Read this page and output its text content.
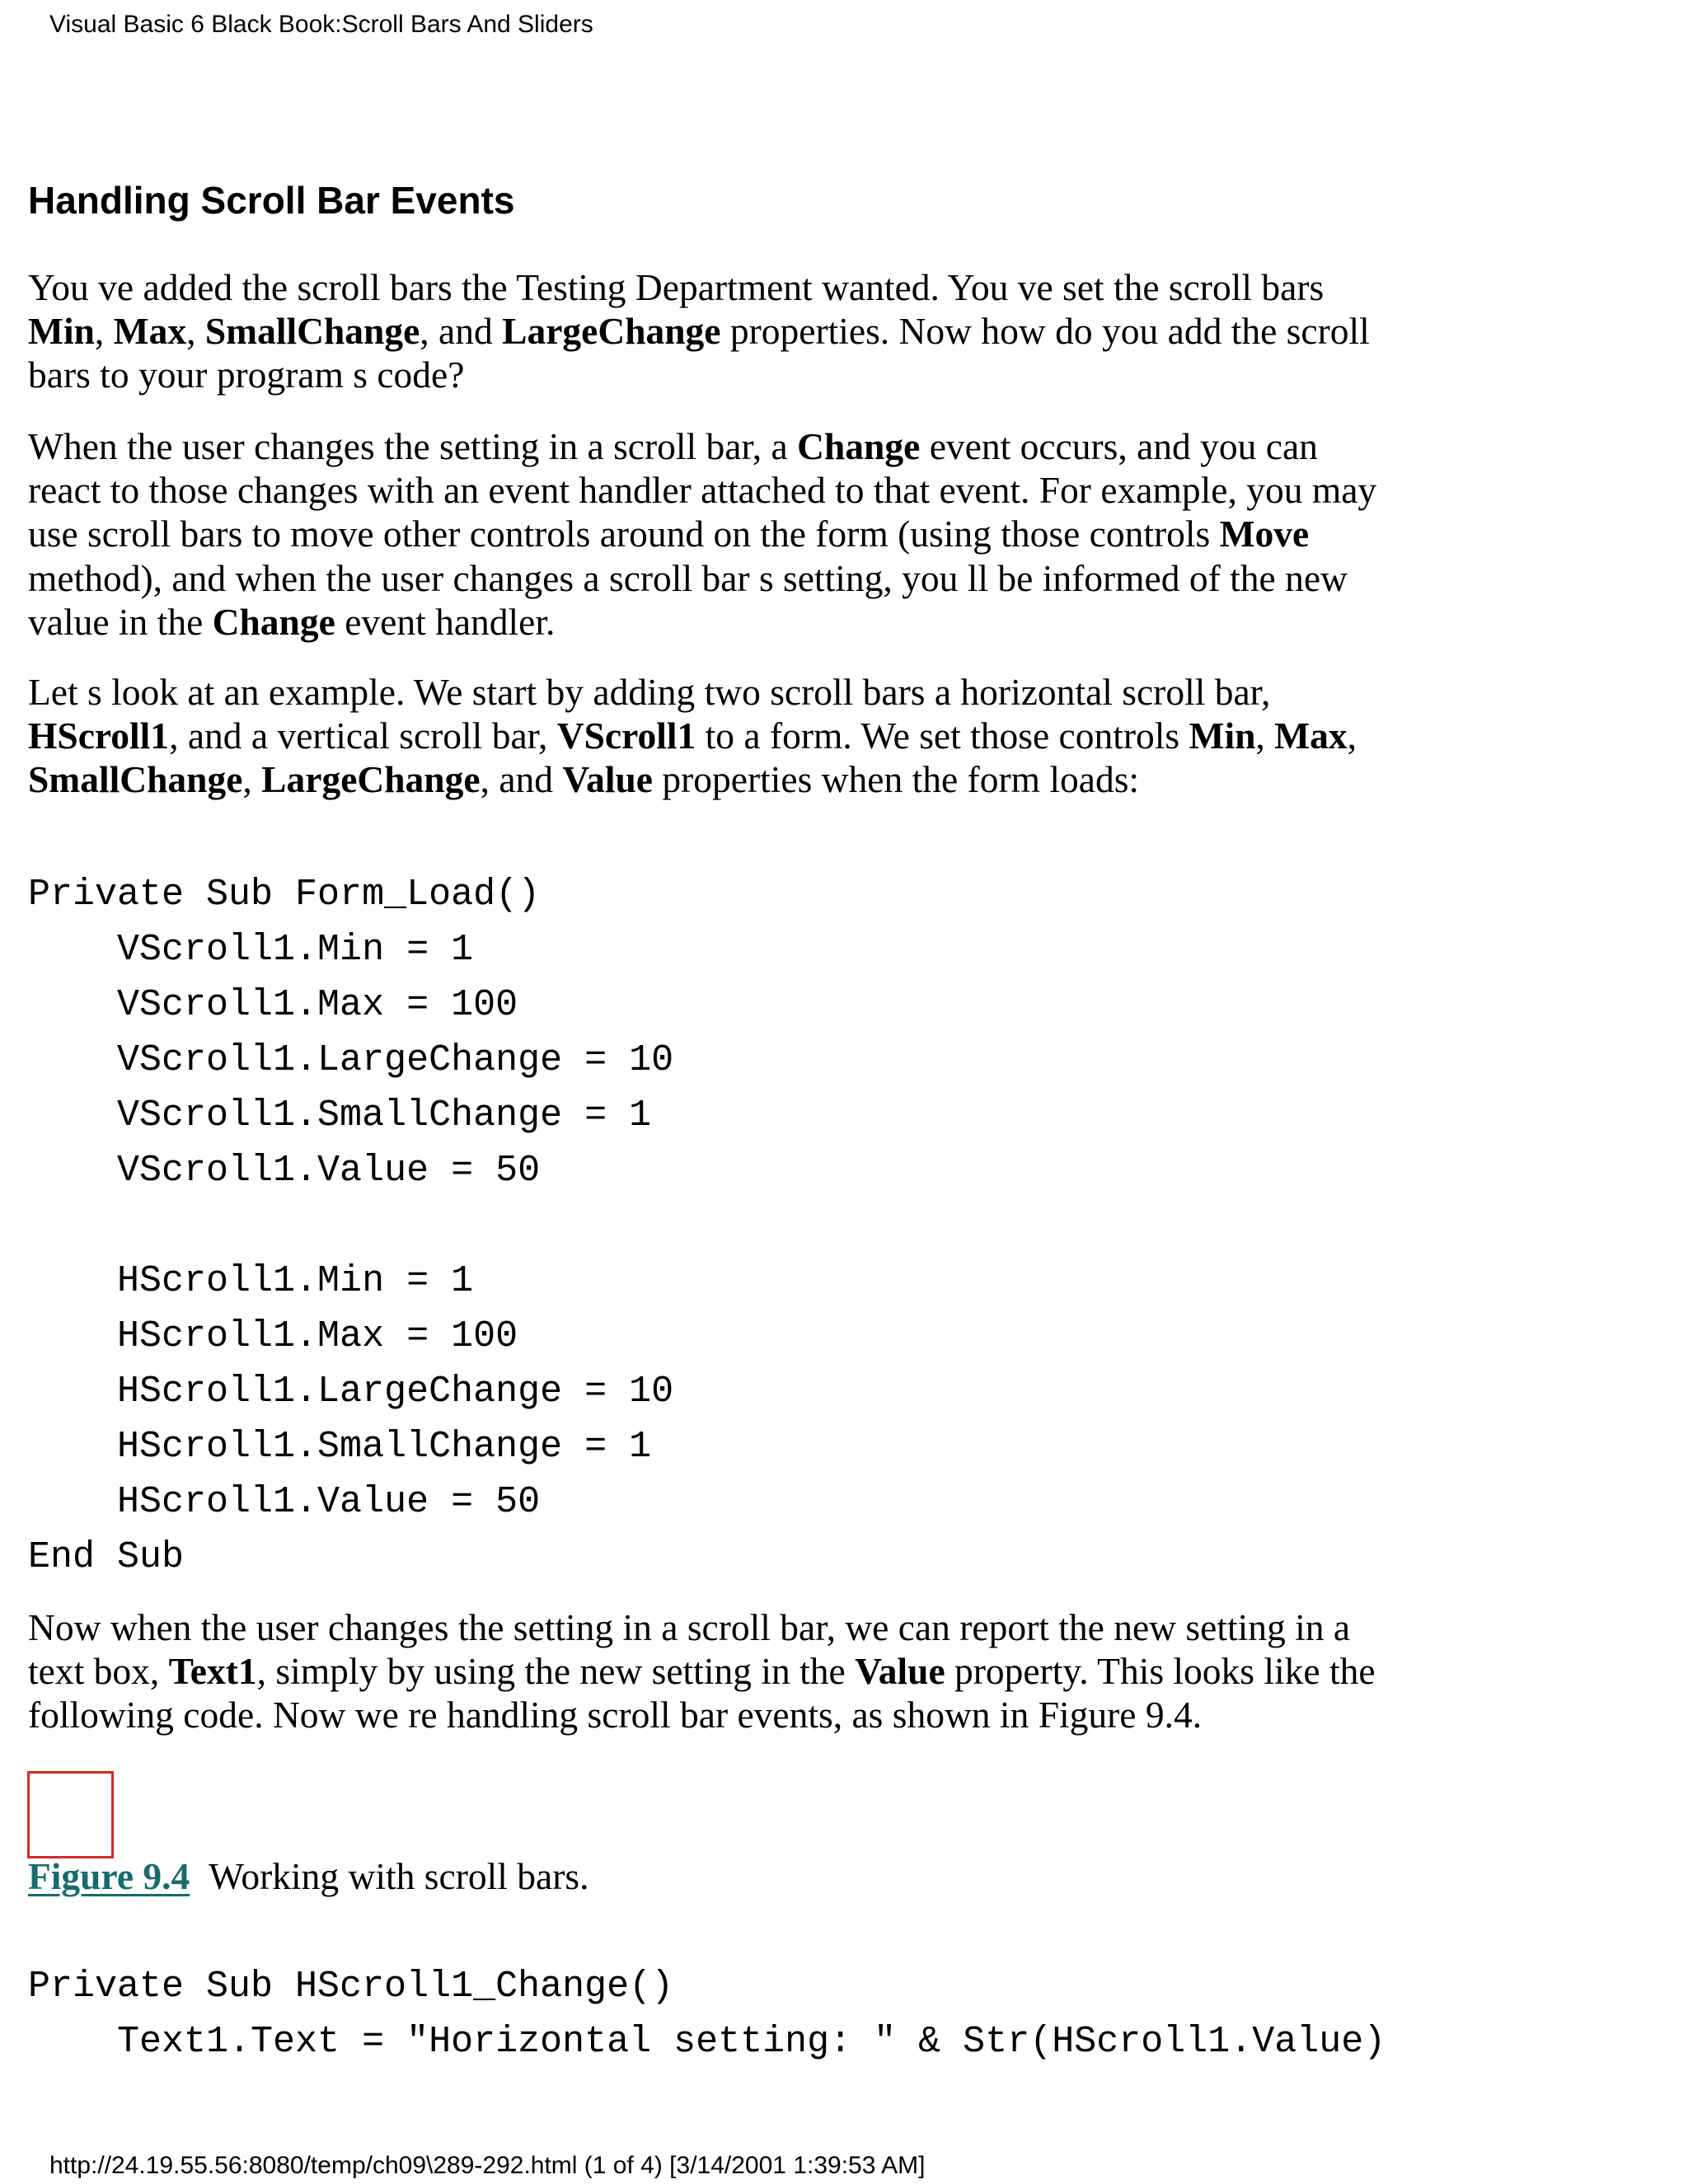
Visual Basic 6 Black Book:Scroll Bars And Sliders
Handling Scroll Bar Events

You ve added the scroll bars the Testing Department wanted. You ve set the scroll bars
Min, Max, SmallChange, and LargeChange properties. Now how do you add the scroll
bars to your program s code?

When the user changes the setting in a scroll bar, a Change event occurs, and you can
react to those changes with an event handler attached to that event. For example, you may
use scroll bars to move other controls around on the form (using those controls Move
method), and when the user changes a scroll bar s setting, you ll be informed of the new
value in the Change event handler.

Let s look at an example. We start by adding two scroll bars a horizontal scroll bar,
HScroll1, and a vertical scroll bar, VScroll1 to a form. We set those controls Min, Max,
SmallChange, LargeChange, and Value properties when the form loads:

Private Sub Form_Load()
VScroll1.Min = 1
VScroll1.Max = 100
VScroll1.LargeChange = 10
VScroll1.SmallChange = 1
VScroll1.Value = 50
HScroll1.Min = 1
HScroll1.Max = 100
HScroll1.LargeChange = 10
HScroll1.SmallChange = 1
HScroll1.Value = 50
End Sub

Now when the user changes the setting in a scroll bar, we can report the new setting in a
text box, Text1, simply by using the new setting in the Value property. This looks like the
following code. Now we re handling scroll bar events, as shown in Figure 9.4.

Figure 9.4 Working with scroll bars.
Private Sub HScroll1_Change()
Text1.Text = "Horizontal setting: " & Str(HScroll1.Value)
http://24.19.55.56:8080/temp/ch09\289-292.html (1 of 4) [3/14/2001 1:39:53 AM]
